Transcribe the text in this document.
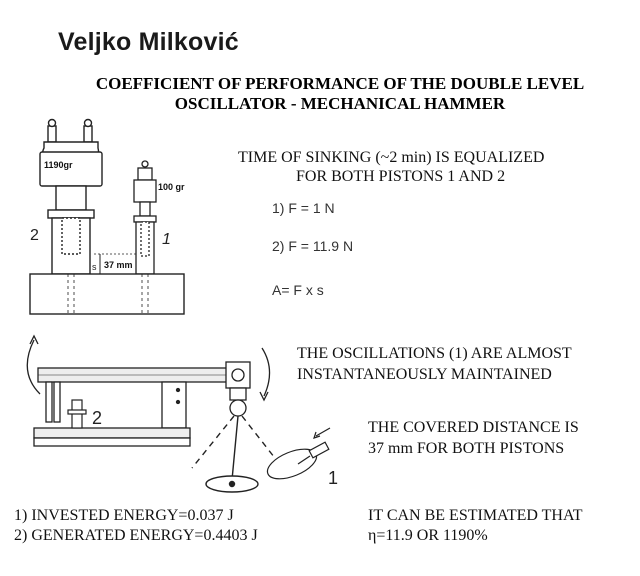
Veljko Milković
COEFFICIENT OF PERFORMANCE OF THE DOUBLE LEVEL
OSCILLATOR - MECHANICAL HAMMER
1190gr
100 gr
2	1
s 37 mm
TIME OF SINKING (~2 min) IS EQUALIZED
FOR BOTH PISTONS 1 AND 2
1) F = 1 N
2) F = 11.9 N
A= F x s
2
1
THE OSCILLATIONS (1) ARE ALMOST
INSTANTANEOUSLY MAINTAINED
THE COVERED DISTANCE IS
37 mm FOR BOTH PISTONS
1) INVESTED ENERGY=0.037 J
2) GENERATED ENERGY=0.4403 J
IT CAN BE ESTIMATED THAT
η=11.9 OR 1190%
